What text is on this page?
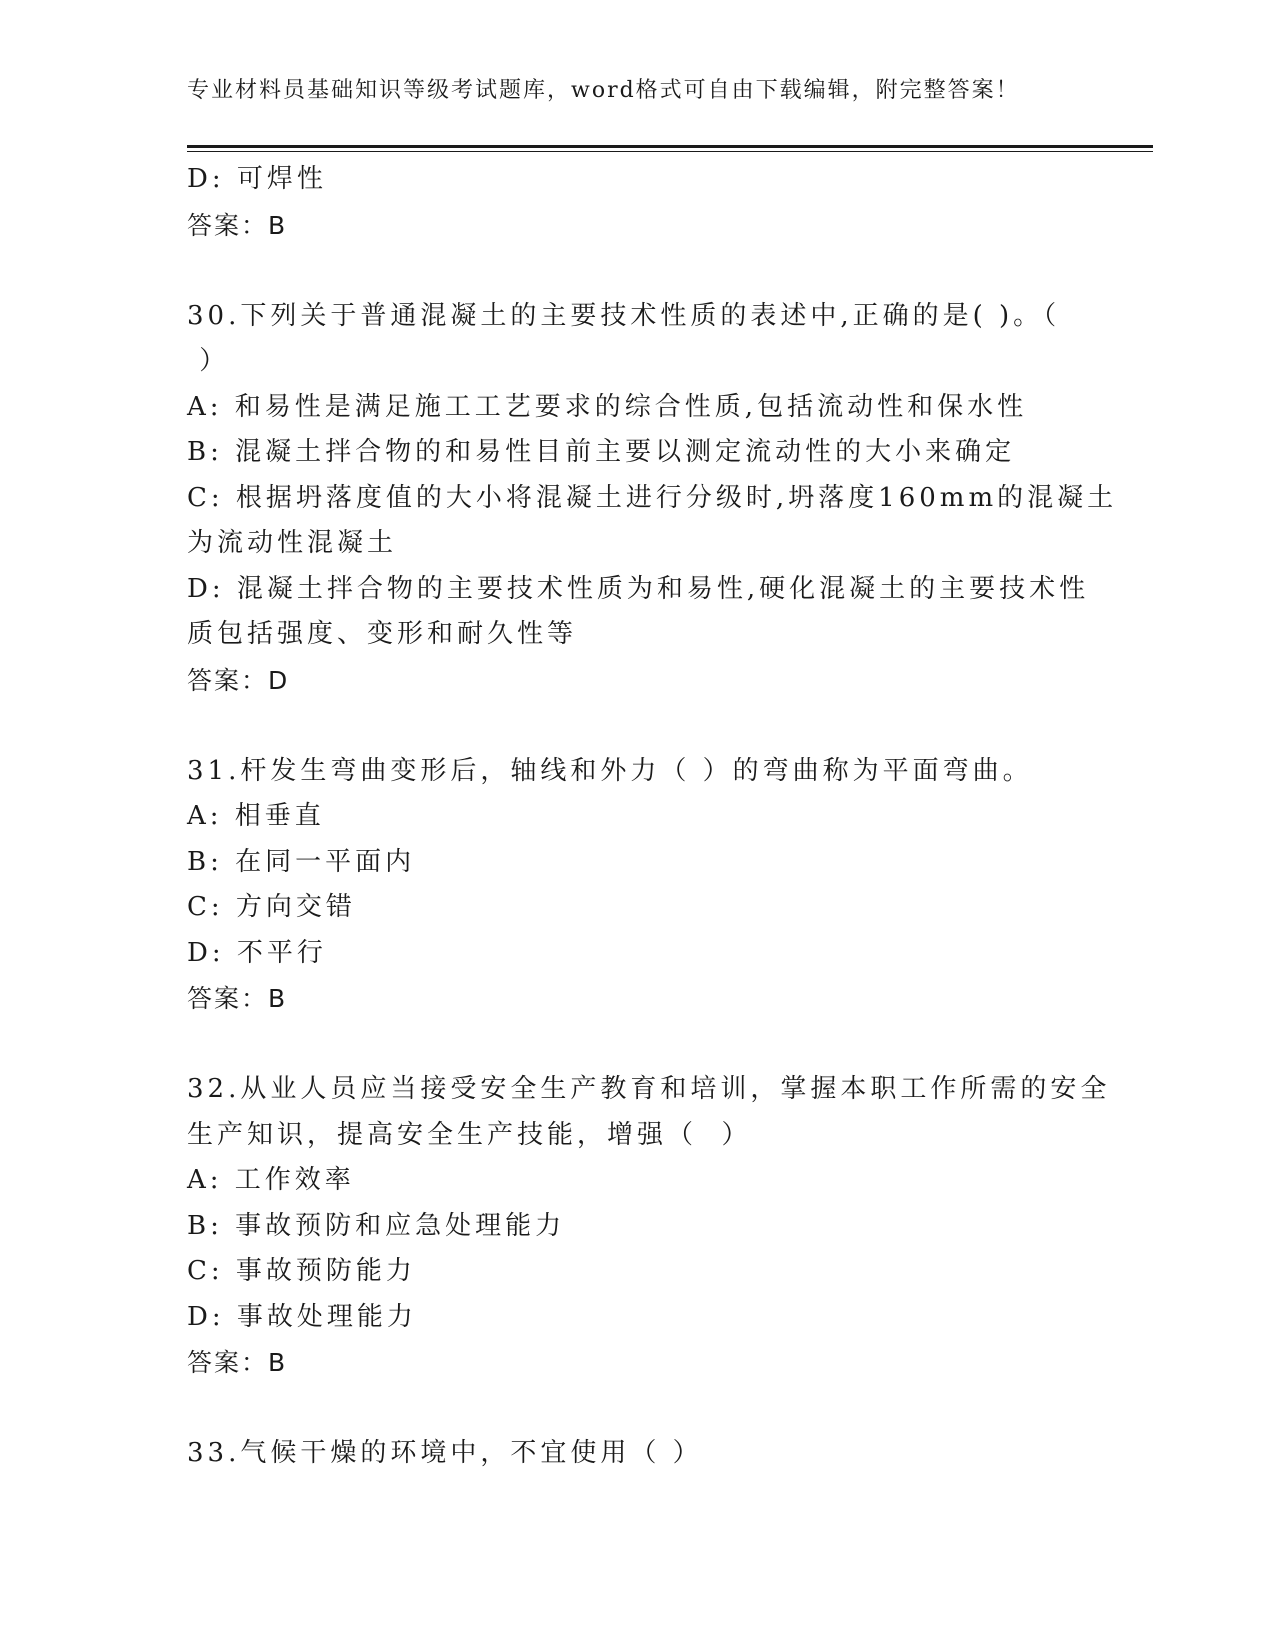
专业材料员基础知识等级考试题库，word格式可自由下载编辑，附完整答案！
D: 可焊性
答案：B
30.下列关于普通混凝土的主要技术性质的表述中,正确的是( )。（
）
A: 和易性是满足施工工艺要求的综合性质,包括流动性和保水性
B: 混凝土拌合物的和易性目前主要以测定流动性的大小来确定
C: 根据坍落度值的大小将混凝土进行分级时,坍落度160mm的混凝土
为流动性混凝土
D: 混凝土拌合物的主要技术性质为和易性,硬化混凝土的主要技术性
质包括强度、变形和耐久性等
答案：D
31.杆发生弯曲变形后，轴线和外力（ ）的弯曲称为平面弯曲。
A: 相垂直
B: 在同一平面内
C: 方向交错
D: 不平行
答案：B
32.从业人员应当接受安全生产教育和培训，掌握本职工作所需的安全
生产知识，提高安全生产技能，增强（  ）
A: 工作效率
B: 事故预防和应急处理能力
C: 事故预防能力
D: 事故处理能力
答案：B
33.气候干燥的环境中，不宜使用（ ）
